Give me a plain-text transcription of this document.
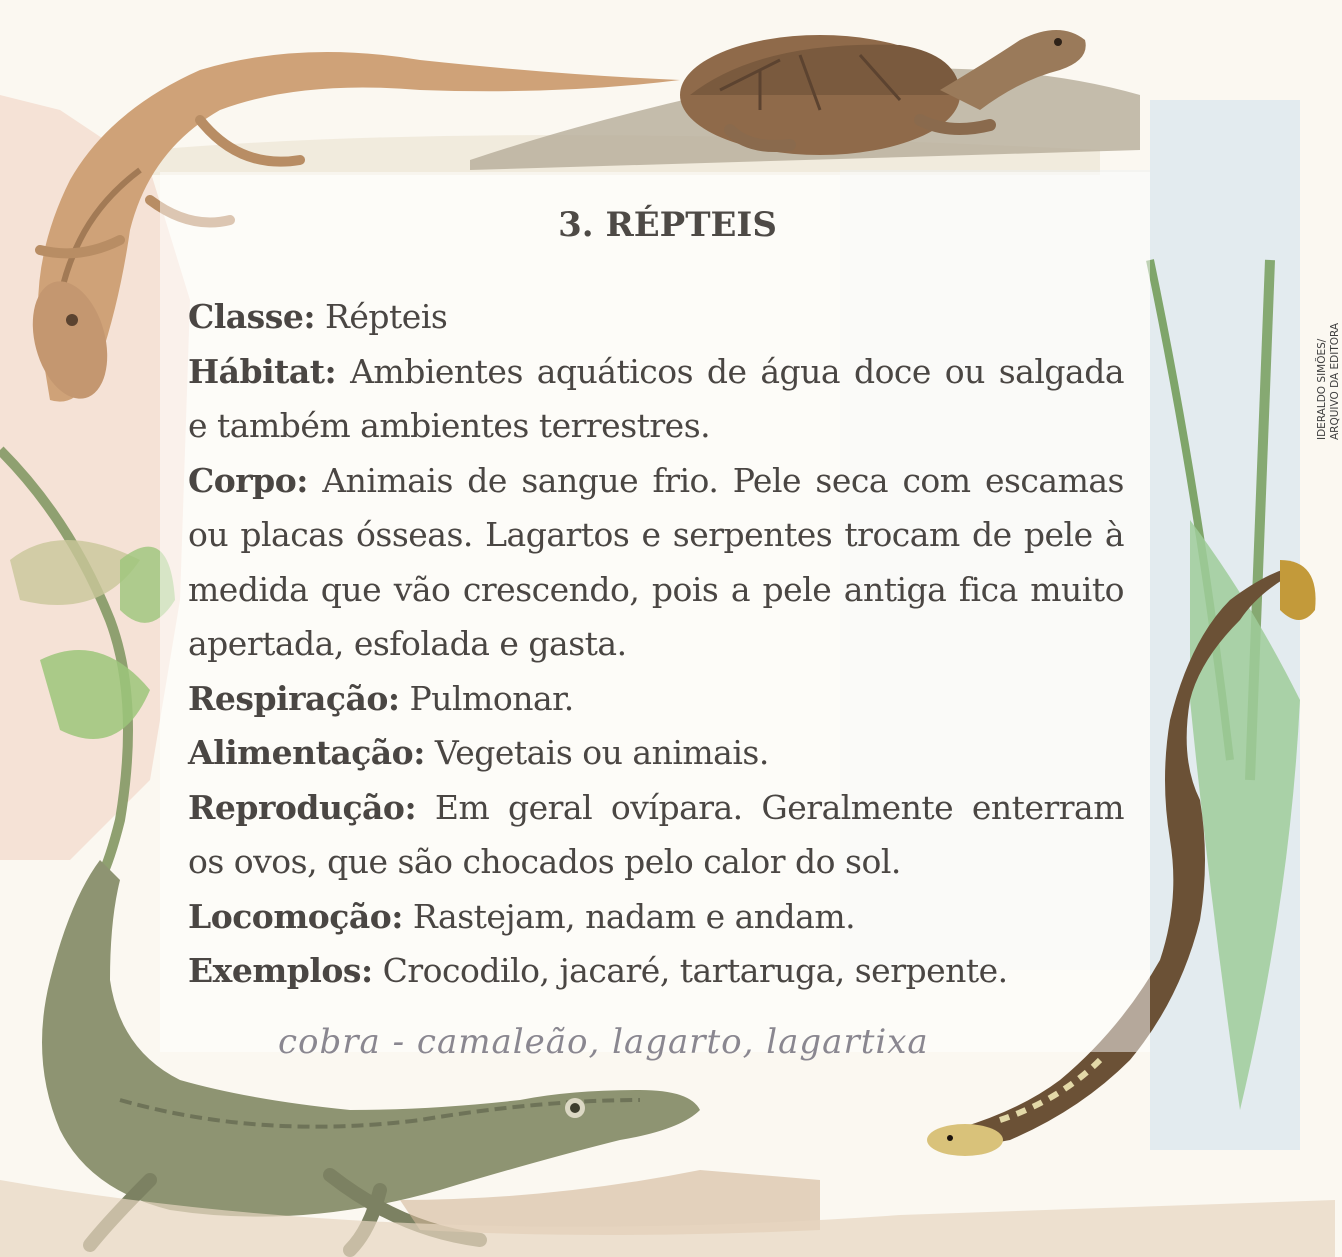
3. RÉPTEIS

Classe: Répteis

Hábitat: Ambientes aquáticos de água doce ou salgada e também ambientes terrestres.

Corpo: Animais de sangue frio. Pele seca com escamas ou placas ósseas. Lagartos e serpentes trocam de pele à medida que vão crescendo, pois a pele antiga fica muito apertada, esfolada e gasta.

Respiração: Pulmonar.

Alimentação: Vegetais ou animais.

Reprodução: Em geral ovípara. Geralmente enterram os ovos, que são chocados pelo calor do sol.

Locomoção: Rastejam, nadam e andam.

Exemplos: Crocodilo, jacaré, tartaruga, serpente.

cobra - camaleão, lagarto, lagartixa
IDERALDO SIMÕES/ ARQUIVO DA EDITORA
